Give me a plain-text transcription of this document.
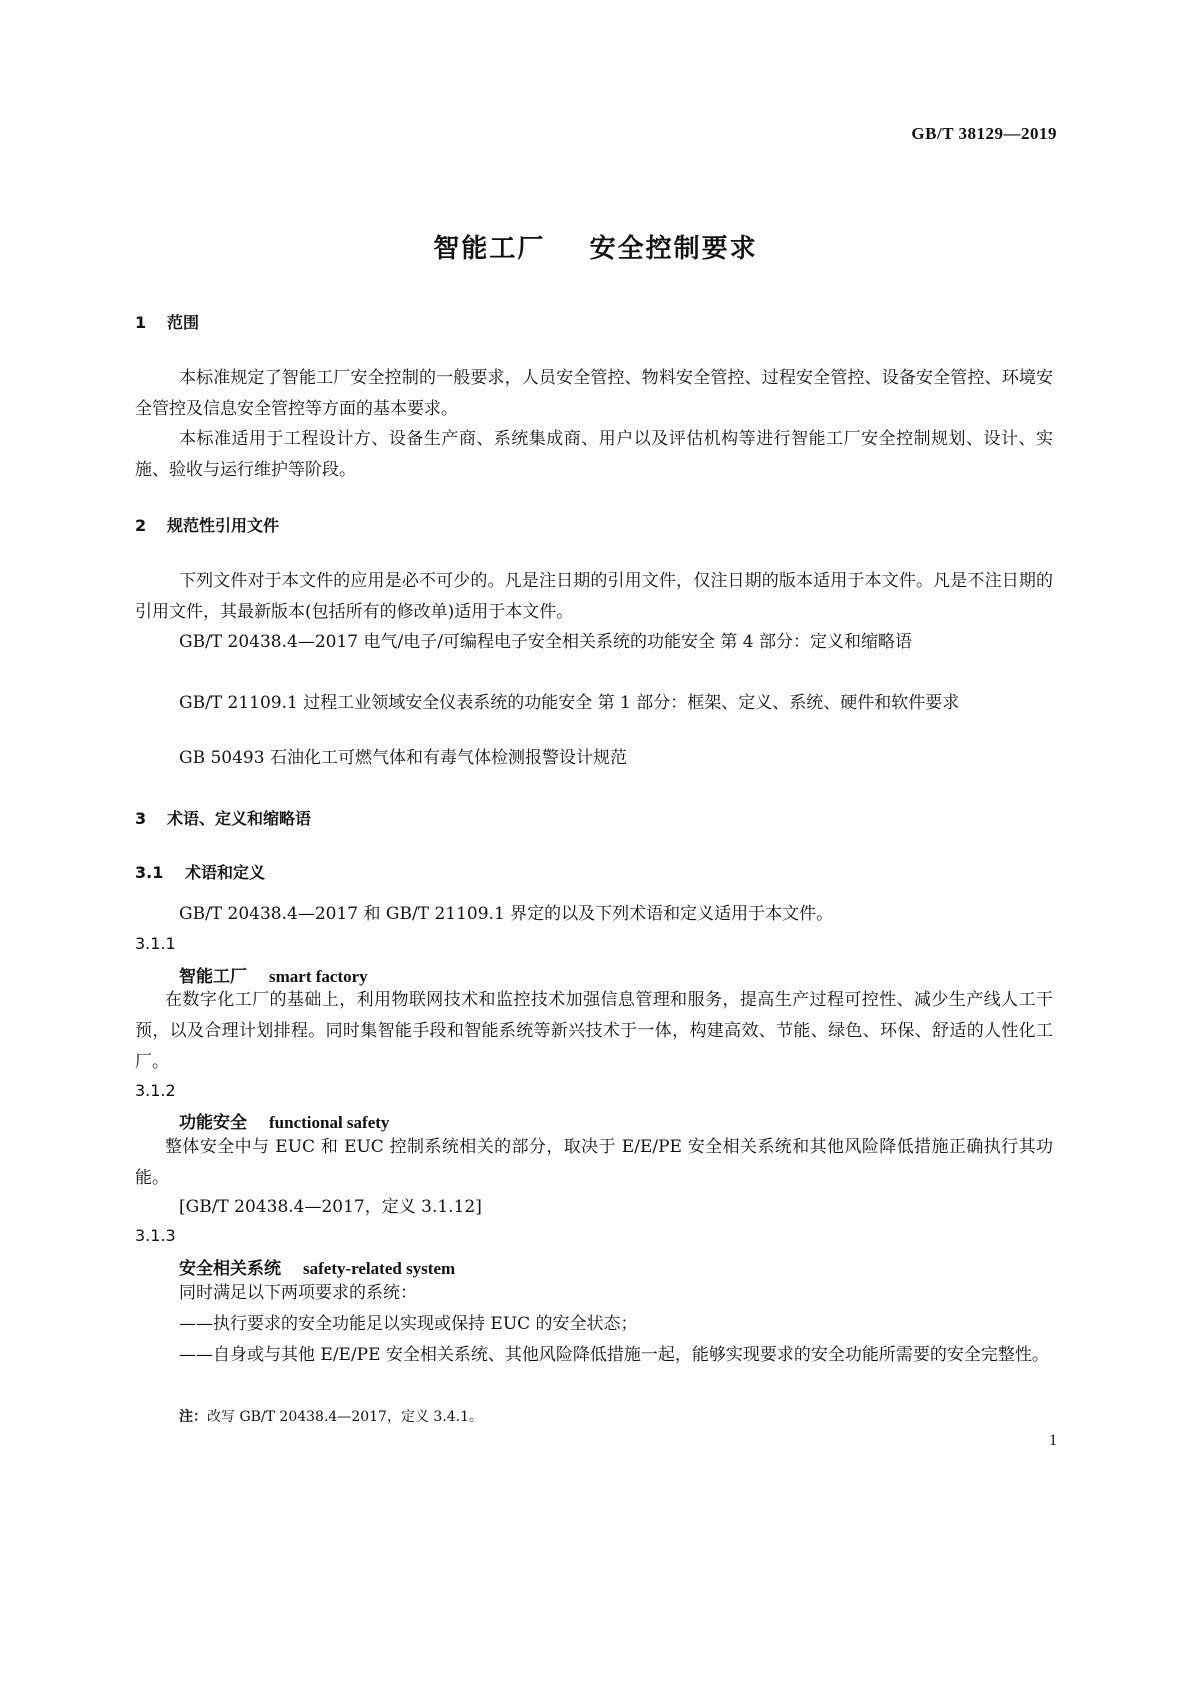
GB/T 38129—2019
智能工厂    安全控制要求
1 范围
本标准规定了智能工厂安全控制的一般要求，人员安全管控、物料安全管控、过程安全管控、设备安全管控、环境安全管控及信息安全管控等方面的基本要求。
本标准适用于工程设计方、设备生产商、系统集成商、用户以及评估机构等进行智能工厂安全控制规划、设计、实施、验收与运行维护等阶段。
2 规范性引用文件
下列文件对于本文件的应用是必不可少的。凡是注日期的引用文件，仅注日期的版本适用于本文件。凡是不注日期的引用文件，其最新版本(包括所有的修改单)适用于本文件。
GB/T 20438.4—2017 电气/电子/可编程电子安全相关系统的功能安全 第 4 部分：定义和缩略语
GB/T 21109.1 过程工业领域安全仪表系统的功能安全 第 1 部分：框架、定义、系统、硬件和软件要求
GB 50493 石油化工可燃气体和有毒气体检测报警设计规范
3 术语、定义和缩略语
3.1 术语和定义
GB/T 20438.4—2017 和 GB/T 21109.1 界定的以及下列术语和定义适用于本文件。
3.1.1
智能工厂 smart factory
在数字化工厂的基础上，利用物联网技术和监控技术加强信息管理和服务，提高生产过程可控性、减少生产线人工干预，以及合理计划排程。同时集智能手段和智能系统等新兴技术于一体，构建高效、节能、绿色、环保、舒适的人性化工厂。
3.1.2
功能安全 functional safety
整体安全中与 EUC 和 EUC 控制系统相关的部分，取决于 E/E/PE 安全相关系统和其他风险降低措施正确执行其功能。
[GB/T 20438.4—2017，定义 3.1.12]
3.1.3
安全相关系统 safety-related system
同时满足以下两项要求的系统：
——执行要求的安全功能足以实现或保持 EUC 的安全状态；
——自身或与其他 E/E/PE 安全相关系统、其他风险降低措施一起，能够实现要求的安全功能所需要的安全完整性。
注：改写 GB/T 20438.4—2017，定义 3.4.1。
1
